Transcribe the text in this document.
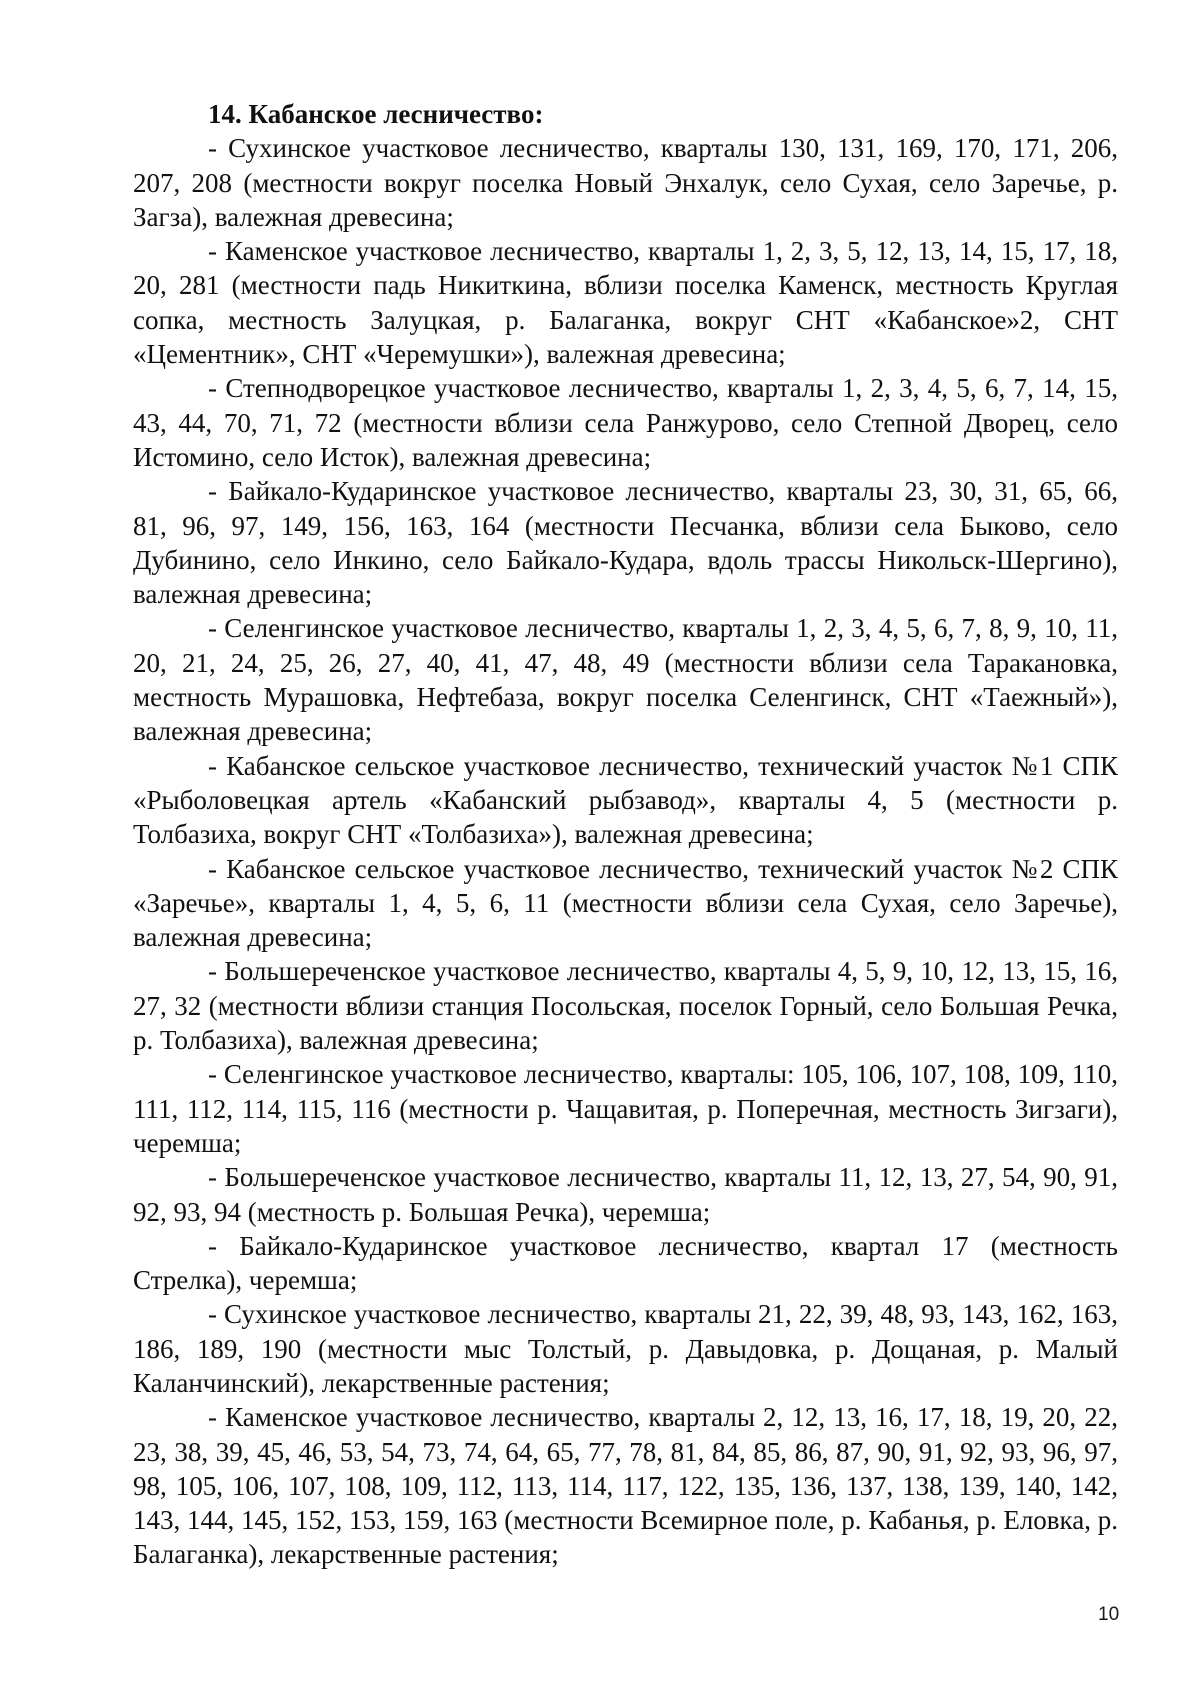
14. Кабанское лесничество:

- Сухинское участковое лесничество, кварталы 130, 131, 169, 170, 171, 206, 207, 208 (местности вокруг поселка Новый Энхалук, село Сухая, село Заречье, р. Загза), валежная древесина;

- Каменское участковое лесничество, кварталы 1, 2, 3, 5, 12, 13, 14, 15, 17, 18, 20, 281 (местности падь Никиткина, вблизи поселка Каменск, местность Круглая сопка, местность Залуцкая, р. Балаганка, вокруг СНТ «Кабанское»2, СНТ «Цементник», СНТ «Черемушки»), валежная древесина;

- Степнодворецкое участковое лесничество, кварталы 1, 2, 3, 4, 5, 6, 7, 14, 15, 43, 44, 70, 71, 72 (местности вблизи села Ранжурово, село Степной Дворец, село Истомино, село Исток), валежная древесина;

- Байкало-Кударинское участковое лесничество, кварталы 23, 30, 31, 65, 66, 81, 96, 97, 149, 156, 163, 164 (местности Песчанка, вблизи села Быково, село Дубинино, село Инкино, село Байкало-Кудара, вдоль трассы Никольск-Шергино), валежная древесина;

- Селенгинское участковое лесничество, кварталы 1, 2, 3, 4, 5, 6, 7, 8, 9, 10, 11, 20, 21, 24, 25, 26, 27, 40, 41, 47, 48, 49 (местности вблизи села Таракановка, местность Мурашовка, Нефтебаза, вокруг поселка Селенгинск, СНТ «Таежный»), валежная древесина;

- Кабанское сельское участковое лесничество, технический участок №1 СПК «Рыболовецкая артель «Кабанский рыбзавод», кварталы 4, 5 (местности р. Толбазиха, вокруг СНТ «Толбазиха»), валежная древесина;

- Кабанское сельское участковое лесничество, технический участок №2 СПК «Заречье», кварталы 1, 4, 5, 6, 11 (местности вблизи села Сухая, село Заречье), валежная древесина;

- Большереченское участковое лесничество, кварталы 4, 5, 9, 10, 12, 13, 15, 16, 27, 32 (местности вблизи станция Посольская, поселок Горный, село Большая Речка, р. Толбазиха), валежная древесина;

- Селенгинское участковое лесничество, кварталы: 105, 106, 107, 108, 109, 110, 111, 112, 114, 115, 116 (местности р. Чащавитая, р. Поперечная, местность Зигзаги), черемша;

- Большереченское участковое лесничество, кварталы 11, 12, 13, 27, 54, 90, 91, 92, 93, 94 (местность р. Большая Речка), черемша;

- Байкало-Кударинское участковое лесничество, квартал 17 (местность Стрелка), черемша;

- Сухинское участковое лесничество, кварталы 21, 22, 39, 48, 93, 143, 162, 163, 186, 189, 190 (местности мыс Толстый, р. Давыдовка, р. Дощаная, р. Малый Каланчинский), лекарственные растения;

- Каменское участковое лесничество, кварталы 2, 12, 13, 16, 17, 18, 19, 20, 22, 23, 38, 39, 45, 46, 53, 54, 73, 74, 64, 65, 77, 78, 81, 84, 85, 86, 87, 90, 91, 92, 93, 96, 97, 98, 105, 106, 107, 108, 109, 112, 113, 114, 117, 122, 135, 136, 137, 138, 139, 140, 142, 143, 144, 145, 152, 153, 159, 163 (местности Всемирное поле, р. Кабанья, р. Еловка, р. Балаганка), лекарственные растения;

10
